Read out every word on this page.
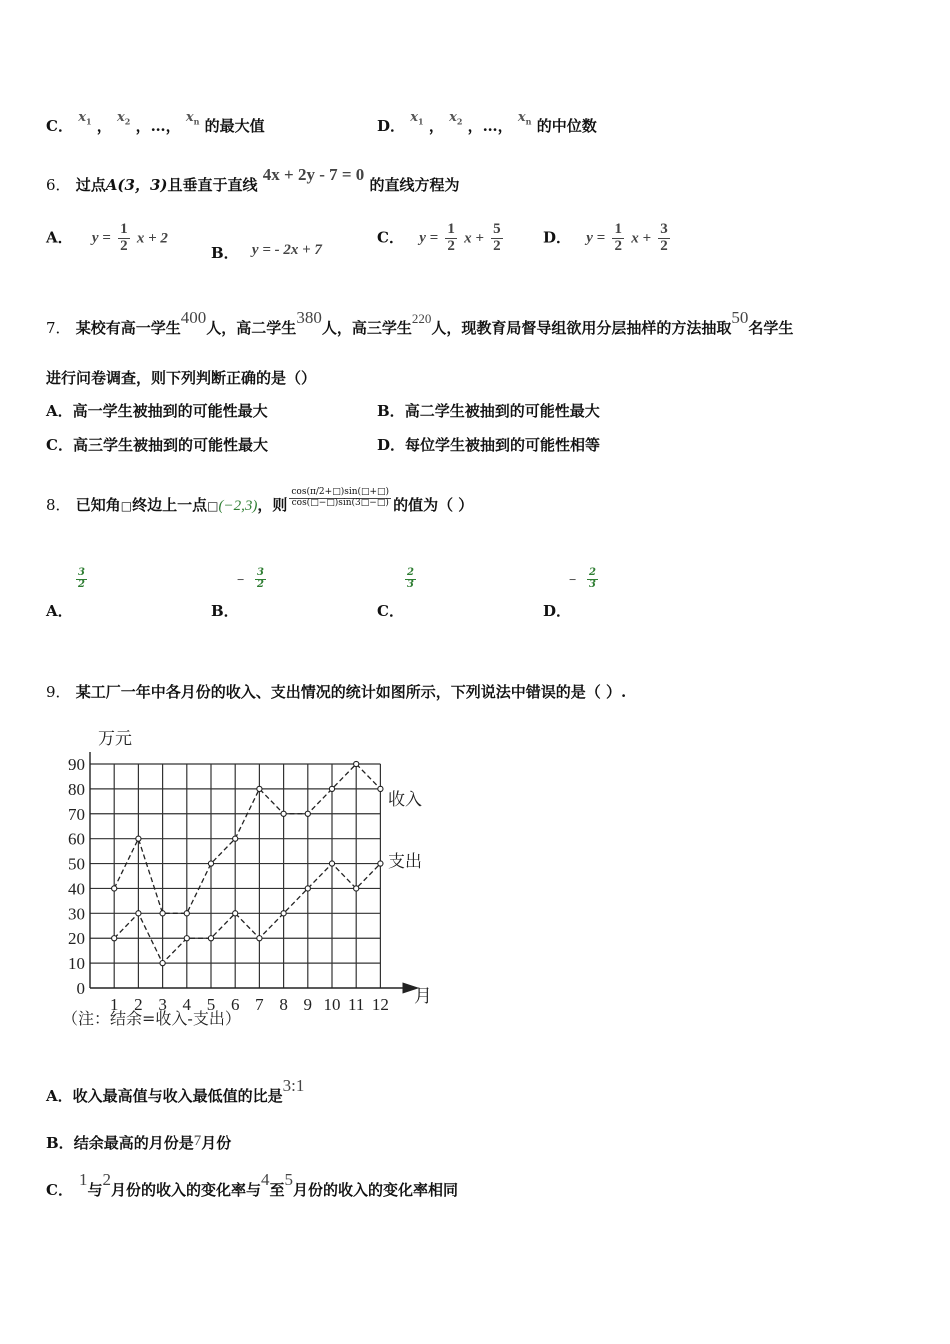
C． $x_1$ ， $x_2$ ，…， $x_n$ 的最大值	D． $x_1$ ， $x_2$ ，…， $x_n$ 的中位数
6． 过点A(3，3)且垂直于直线 4x + 2y - 7 = 0 的直线方程为
A． $y = \frac{1}{2}$ x + 2
B． y = - 2x + 7
C． $y = \frac{1}{2}$ $x + \frac{5}{2}$	D． $y = \frac{1}{2}$ $x + \frac{3}{2}$
7． 某校有高一学生400人，高二学生380人，高三学生220人，现教育局督导组欲用分层抽样的方法抽取50名学生
进行问卷调查，则下列判断正确的是（）
A．高一学生被抽到的可能性最大	B．高二学生被抽到的可能性最大
C．高三学生被抽到的可能性最大	D．每位学生被抽到的可能性相等
8． 已知角□终边上一点□(−2,3)，则 $\frac{\cos(\pi/2+□)\sin(□+□)}{\cos(□-□)\sin(3□-□)}$ 的值为（ ）
A．
$\frac{3}{2}$
B．
− $\frac{3}{2}$
C．
$\frac{2}{3}$
D．
− $\frac{2}{3}$
9． 某工厂一年中各月份的收入、支出情况的统计如图所示，下列说法中错误的是（ ）.
0
10
20
30
40
50
60
70
80
90
1 2 3 4 5 6 7 8 9 10 11 12
万元
月
收入
支出
（注：结余=收入-支出）
A．收入最高值与收入最低值的比是3:1
B．结余最高的月份是7月份
C．1与2月份的收入的变化率与4至5月份的收入的变化率相同
